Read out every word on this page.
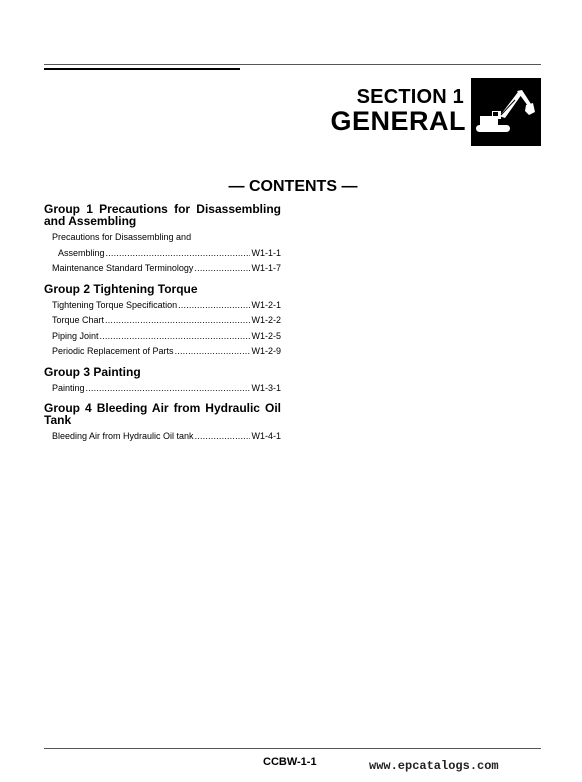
SECTION 1
GENERAL
— CONTENTS —

Group 1 Precautions for Disassembling and Assembling

Precautions for Disassembling and
Assembling .....	W1-1-1
Maintenance Standard Terminology .....	W1-1-7

Group 2 Tightening Torque

Tightening Torque Specification .....	W1-2-1
Torque Chart .....	W1-2-2
Piping Joint .....	W1-2-5
Periodic Replacement of Parts .....	W1-2-9

Group 3 Painting

Painting .....	W1-3-1

Group 4 Bleeding Air from Hydraulic Oil Tank

Bleeding Air from Hydraulic Oil tank .....	W1-4-1
CCBW-1-1	www.epcatalogs.com
